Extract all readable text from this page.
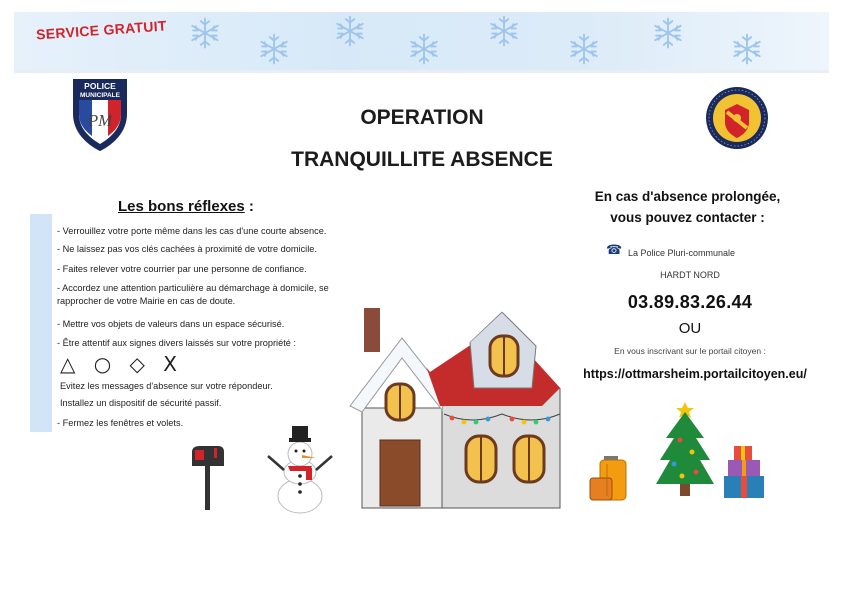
SERVICE GRATUIT
POLICE
MUNICIPALE
PM	OPERATION
TRANQUILLITE ABSENCE
Les bons réflexes :
- Verrouillez votre porte même dans les cas d'une courte absence.
- Ne laissez pas vos clés cachées à proximité de votre domicile.
- Faites relever votre courrier par une personne de confiance.
- Accordez une attention particulière au démarchage à domicile, se rapprocher de votre Mairie en cas de doute.
- Mettre vos objets de valeurs dans un espace sécurisé.
- Être attentif aux signes divers laissés sur votre propriété :
△ ○ ◇ X
Evitez les messages d'absence sur votre répondeur.
Installez un dispositif de sécurité passif.
- Fermez les fenêtres et volets.
En cas d'absence prolongée,
vous pouvez contacter :
☎ La Police Pluri-communale
HARDT NORD
03.89.83.26.44
OU
En vous inscrivant sur le portail citoyen :
https://ottmarsheim.portailcitoyen.eu/
